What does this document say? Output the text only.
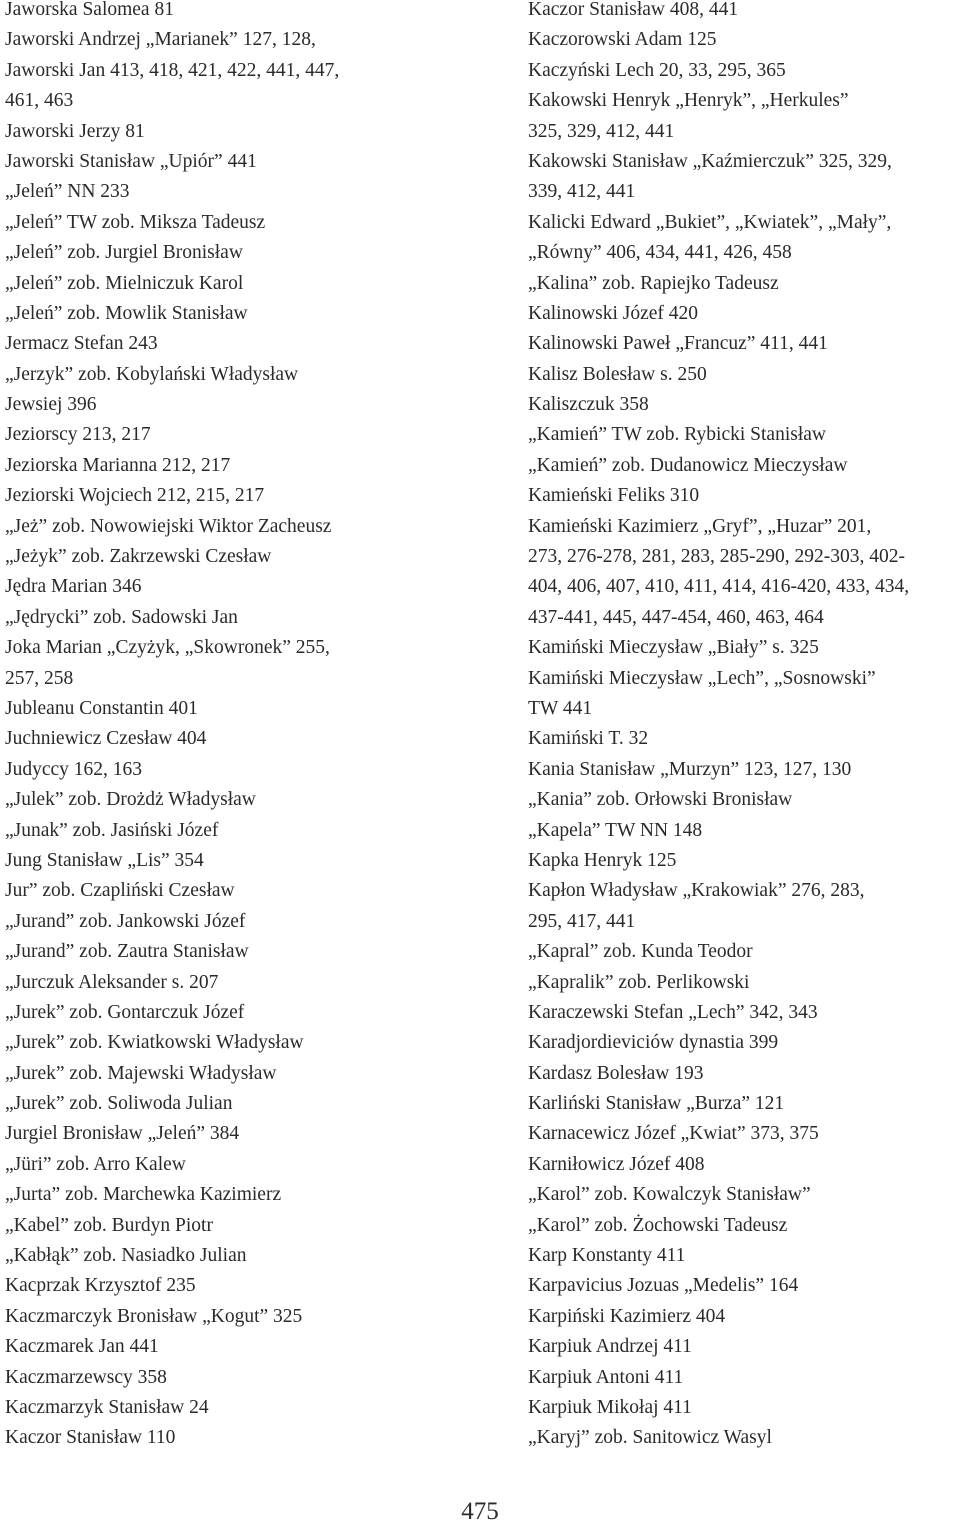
Jaworska Salomea 81
Jaworski Andrzej „Marianek” 127, 128,
Jaworski Jan 413, 418, 421, 422, 441, 447,
461, 463
Jaworski Jerzy 81
Jaworski Stanisław „Upiór” 441
„Jeleń” NN 233
„Jeleń” TW zob. Miksza Tadeusz
„Jeleń” zob. Jurgiel Bronisław
„Jeleń” zob. Mielniczuk Karol
„Jeleń” zob. Mowlik Stanisław
Jermacz Stefan 243
„Jerzyk” zob. Kobylański Władysław
Jewsiej 396
Jeziorscy 213, 217
Jeziorska Marianna 212, 217
Jeziorski Wojciech 212, 215, 217
„Jeż” zob. Nowowiejski Wiktor Zacheusz
„Jeżyk” zob. Zakrzewski Czesław
Jędra Marian 346
„Jędrycki” zob. Sadowski Jan
Joka Marian „Czyżyk, „Skowronek” 255,
257, 258
Jubleanu Constantin 401
Juchniewicz Czesław 404
Judyccy 162, 163
„Julek” zob. Drożdż Władysław
„Junak” zob. Jasiński Józef
Jung Stanisław „Lis” 354
Jur” zob. Czapliński Czesław
„Jurand” zob. Jankowski Józef
„Jurand” zob. Zautra Stanisław
„Jurczuk Aleksander s. 207
„Jurek” zob. Gontarczuk Józef
„Jurek” zob. Kwiatkowski Władysław
„Jurek” zob. Majewski Władysław
„Jurek” zob. Soliwoda Julian
Jurgiel Bronisław „Jeleń” 384
„Jüri” zob. Arro Kalew
„Jurta” zob. Marchewka Kazimierz
„Kabel” zob. Burdyn Piotr
„Kabłąk” zob. Nasiadko Julian
Kacprzak Krzysztof 235
Kaczmarczyk Bronisław „Kogut” 325
Kaczmarek Jan 441
Kaczmarzewscy 358
Kaczmarzyk Stanisław 24
Kaczor Stanisław 110
Kaczor Stanisław 408, 441
Kaczorowski Adam 125
Kaczyński Lech 20, 33, 295, 365
Kakowski Henryk „Henryk”, „Herkules”
325, 329, 412, 441
Kakowski Stanisław „Kaźmierczuk” 325, 329,
339, 412, 441
Kalicki Edward „Bukiet”, „Kwiatek”, „Mały”,
„Równy” 406, 434, 441, 426, 458
„Kalina” zob. Rapiejko Tadeusz
Kalinowski Józef 420
Kalinowski Paweł „Francuz” 411, 441
Kalisz Bolesław s. 250
Kaliszczuk 358
„Kamień” TW zob. Rybicki Stanisław
„Kamień” zob. Dudanowicz Mieczysław
Kamieński Feliks 310
Kamieński Kazimierz „Gryf”, „Huzar” 201,
273, 276-278, 281, 283, 285-290, 292-303, 402-
404, 406, 407, 410, 411, 414, 416-420, 433, 434,
437-441, 445, 447-454, 460, 463, 464
Kamiński Mieczysław „Biały” s. 325
Kamiński Mieczysław „Lech”, „Sosnowski”
TW 441
Kamiński T. 32
Kania Stanisław „Murzyn” 123, 127, 130
„Kania” zob. Orłowski Bronisław
„Kapela” TW NN 148
Kapka Henryk 125
Kapłon Władysław „Krakowiak” 276, 283,
295, 417, 441
„Kapral” zob. Kunda Teodor
„Kapralik” zob. Perlikowski
Karaczewski Stefan „Lech” 342, 343
Karadjordieviciów dynastia 399
Kardasz Bolesław 193
Karliński Stanisław „Burza” 121
Karnacewicz Józef „Kwiat” 373, 375
Karniłowicz Józef 408
„Karol” zob. Kowalczyk Stanisław”
„Karol” zob. Żochowski Tadeusz
Karp Konstanty 411
Karpavicius Jozuas „Medelis” 164
Karpiński Kazimierz 404
Karpiuk Andrzej 411
Karpiuk Antoni 411
Karpiuk Mikołaj 411
„Karyj” zob. Sanitowicz Wasyl
475
